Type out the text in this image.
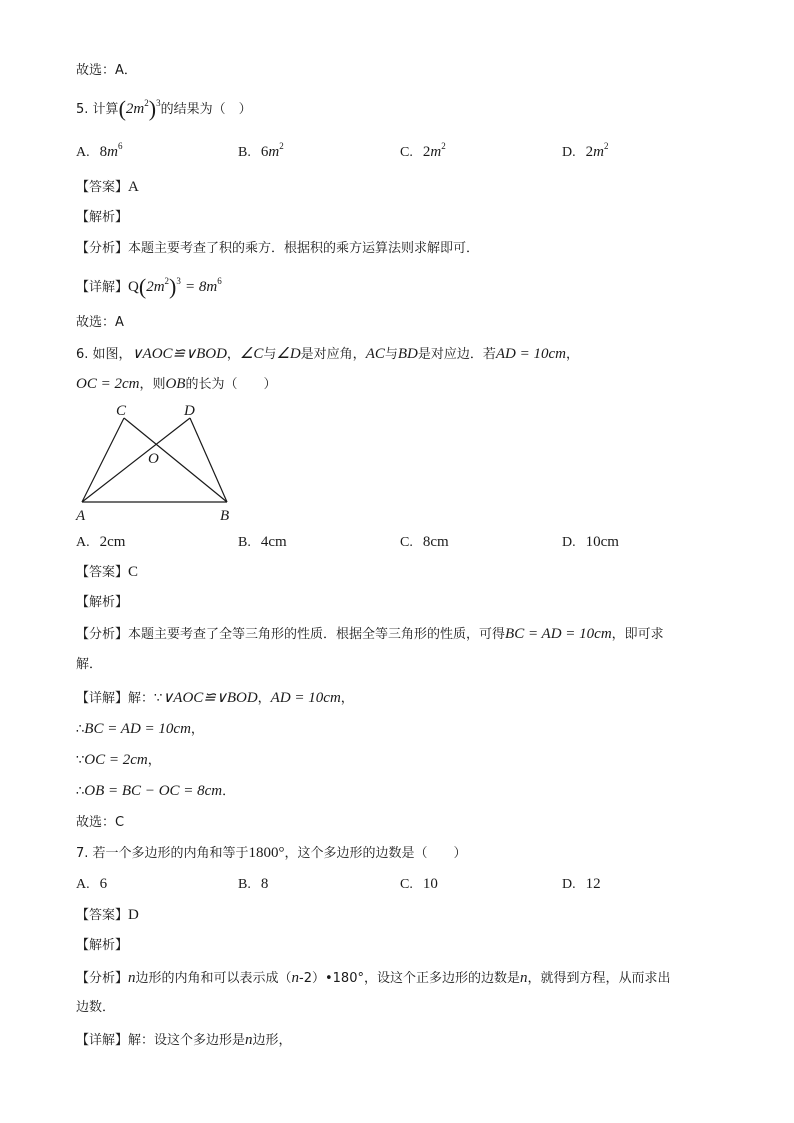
故选：A．
5. 计算$(2m^2)^3$的结果为（　）
A. $8m^6$	B. $6m^2$	C. $2m^2$	D. $2m^2$
【答案】A
【解析】
【分析】本题主要考查了积的乘方．根据积的乘方运算法则求解即可．
【详解】$Q(2m^2)^3 = 8m^6$
故选：A
6. 如图，∨AOC≌∨BOD，∠C与∠D是对应角，AC与BD是对应边．若AD = 10cm，
OC = 2cm，则OB的长为（　　）
C	D
O
A	B
A. 2cm	B. 4cm	C. 8cm	D. 10cm
【答案】C
【解析】
【分析】本题主要考查了全等三角形的性质．根据全等三角形的性质，可得BC = AD = 10cm，即可求
解．
【详解】解：∵∨AOC≌∨BOD，AD = 10cm，
∴BC = AD = 10cm，
∵OC = 2cm，
∴OB = BC − OC = 8cm．
故选：C
7. 若一个多边形的内角和等于1800°，这个多边形的边数是（　　）
A. 6	B. 8	C. 10	D. 12
【答案】D
【解析】
【分析】n边形的内角和可以表示成（n-2）•180°，设这个正多边形的边数是n，就得到方程，从而求出
边数．
【详解】解：设这个多边形是n边形，
